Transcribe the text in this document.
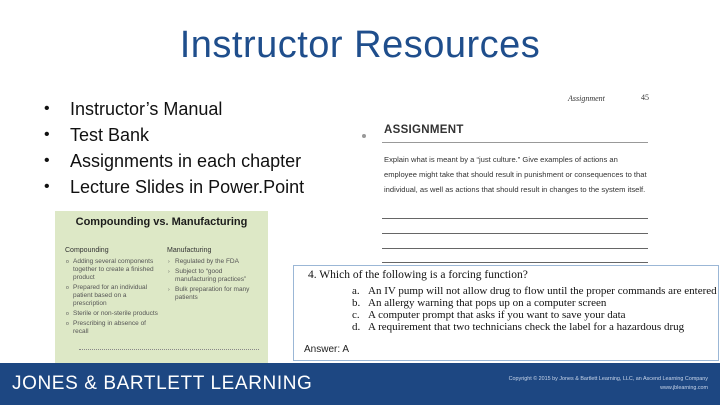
Instructor Resources
•	Instructor’s Manual
•	Test Bank
•	Assignments in each chapter
•	Lecture Slides in Power.Point
Assignment	45
ASSIGNMENT
Explain what is meant by a “just culture.” Give examples of actions an employee might take that should result in punishment or consequences to that individual, as well as actions that should result in changes to the system itself.
Compounding vs. Manufacturing
Compounding
o Adding several components together to create a finished product
o Prepared for an individual patient based on a prescription
o Sterile or non-sterile products
o Prescribing in absence of recall
Manufacturing
› Regulated by the FDA
› Subject to “good manufacturing practices”
› Bulk preparation for many patients
4. Which of the following is a forcing function?
a. An IV pump will not allow drug to flow until the proper commands are entered
b. An allergy warning that pops up on a computer screen
c. A computer prompt that asks if you want to save your data
d. A requirement that two technicians check the label for a hazardous drug
Answer: A
JONES & BARTLETT LEARNING	Copyright © 2015 by Jones & Bartlett Learning, LLC, an Ascend Learning Company
www.jblearning.com
